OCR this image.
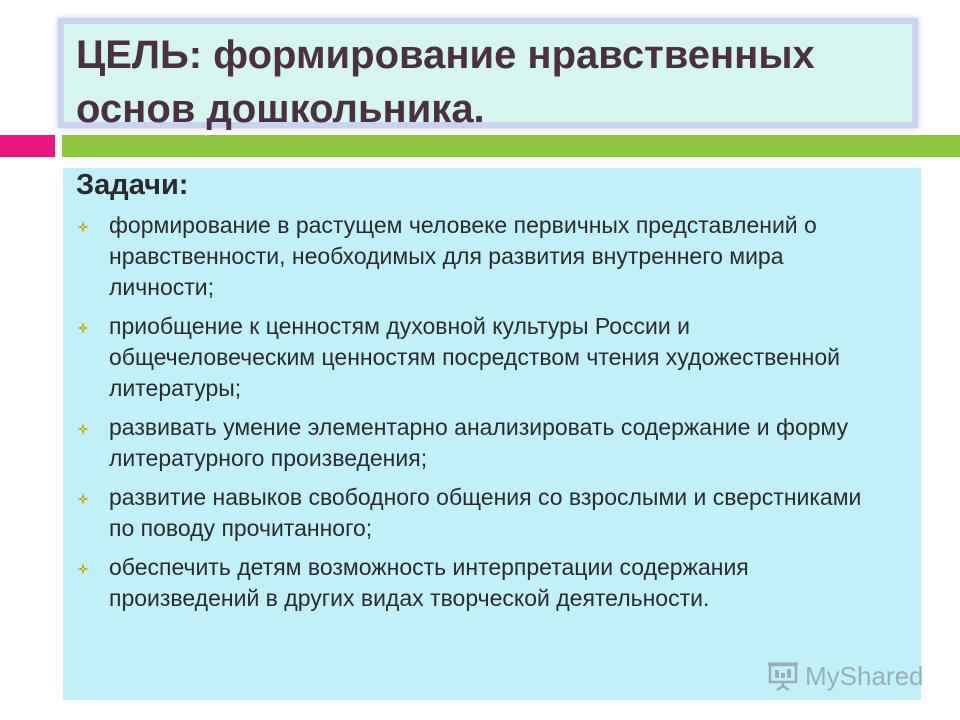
ЦЕЛЬ: формирование нравственных основ дошкольника.
Задачи:
формирование в растущем человеке первичных представлений о нравственности, необходимых для развития внутреннего мира личности;
приобщение к ценностям духовной культуры России и общечеловеческим ценностям посредством чтения художественной литературы;
развивать умение элементарно анализировать содержание и форму литературного произведения;
развитие навыков свободного общения со взрослыми и сверстниками по поводу прочитанного;
обеспечить детям возможность интерпретации содержания произведений в других видах творческой деятельности.
MyShared
